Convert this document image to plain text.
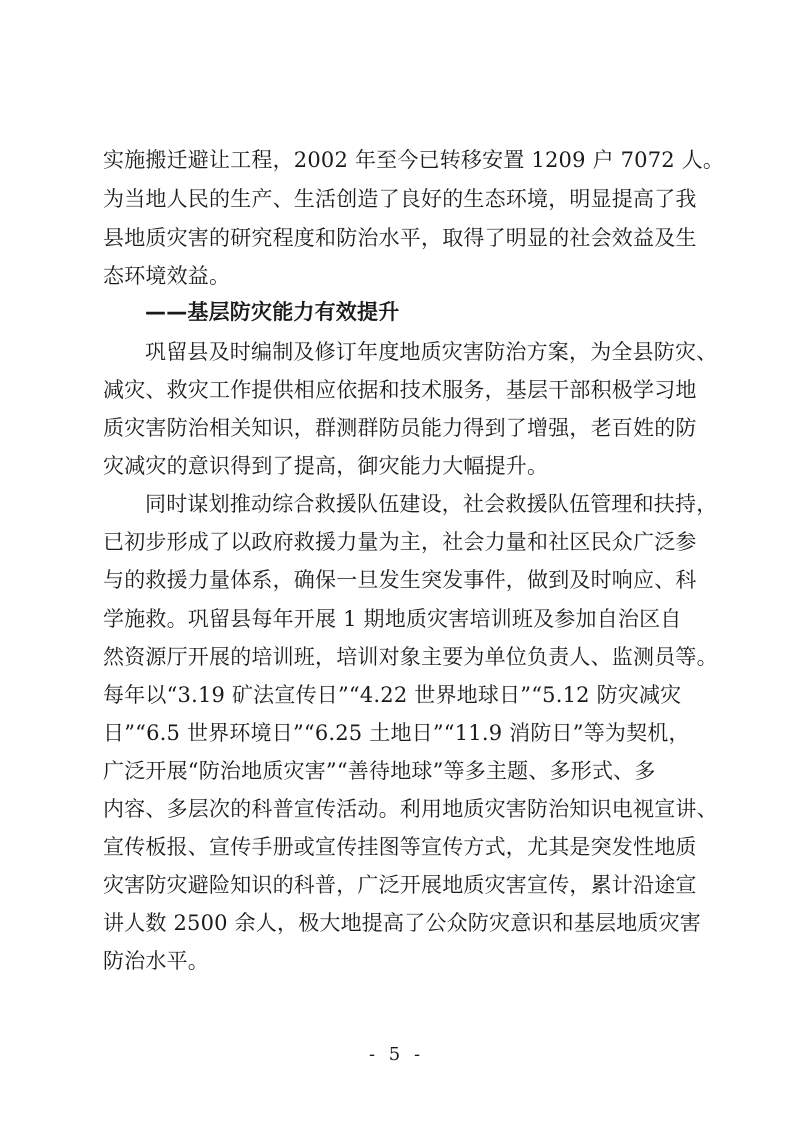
实施搬迁避让工程，2002 年至今已转移安置 1209 户 7072 人。
为当地人民的生产、生活创造了良好的生态环境，明显提高了我
县地质灾害的研究程度和防治水平，取得了明显的社会效益及生
态环境效益。
——基层防灾能力有效提升
巩留县及时编制及修订年度地质灾害防治方案，为全县防灾、
减灾、救灾工作提供相应依据和技术服务，基层干部积极学习地
质灾害防治相关知识，群测群防员能力得到了增强，老百姓的防
灾减灾的意识得到了提高，御灾能力大幅提升。
同时谋划推动综合救援队伍建设，社会救援队伍管理和扶持，
已初步形成了以政府救援力量为主，社会力量和社区民众广泛参
与的救援力量体系，确保一旦发生突发事件，做到及时响应、科
学施救。巩留县每年开展 1 期地质灾害培训班及参加自治区自
然资源厅开展的培训班，培训对象主要为单位负责人、监测员等。
每年以“3.19 矿法宣传日”“4.22 世界地球日”“5.12 防灾减灾
日”“6.5 世界环境日”“6.25 土地日”“11.9 消防日”等为契机，
广泛开展“防治地质灾害”“善待地球”等多主题、多形式、多
内容、多层次的科普宣传活动。利用地质灾害防治知识电视宣讲、
宣传板报、宣传手册或宣传挂图等宣传方式，尤其是突发性地质
灾害防灾避险知识的科普，广泛开展地质灾害宣传，累计沿途宣
讲人数 2500 余人，极大地提高了公众防灾意识和基层地质灾害
防治水平。
- 5 -
